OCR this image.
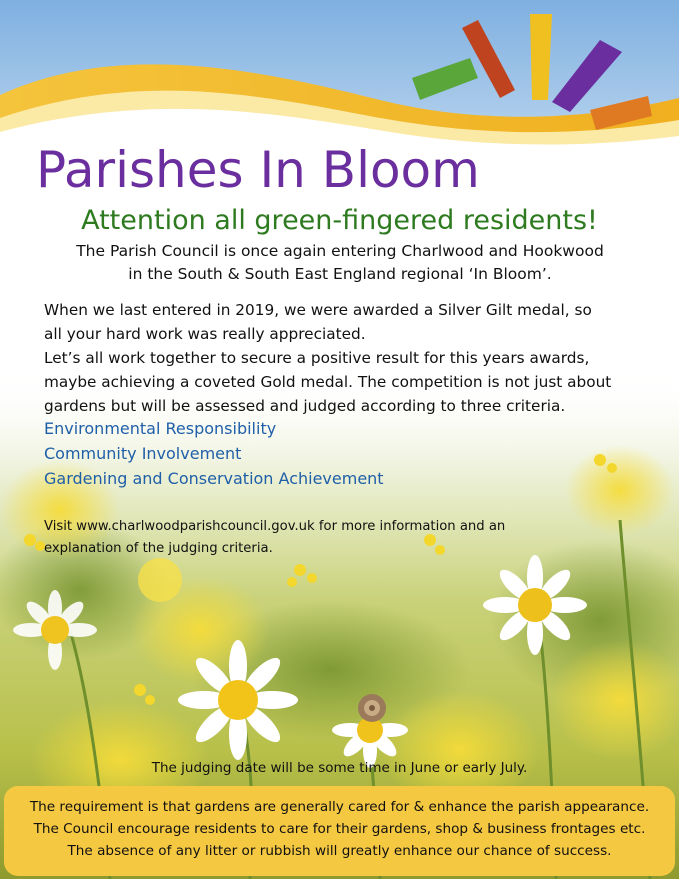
Parishes In Bloom
Attention all green-fingered residents!
The Parish Council is once again entering Charlwood and Hookwood
in the South & South East England regional ‘In Bloom’.

When we last entered in 2019, we were awarded a Silver Gilt medal, so

all your hard work was really appreciated.

Let’s all work together to secure a positive result for this years awards,

maybe achieving a coveted Gold medal. The competition is not just about

gardens but will be assessed and judged according to three criteria.

Environmental Responsibility
Community Involvement
Gardening and Conservation Achievement
Visit www.charlwoodparishcouncil.gov.uk for more information and an
explanation of the judging criteria.
The judging date will be some time in June or early July.
The requirement is that gardens are generally cared for & enhance the parish appearance.
The Council encourage residents to care for their gardens, shop & business frontages etc.
The absence of any litter or rubbish will greatly enhance our chance of success.
